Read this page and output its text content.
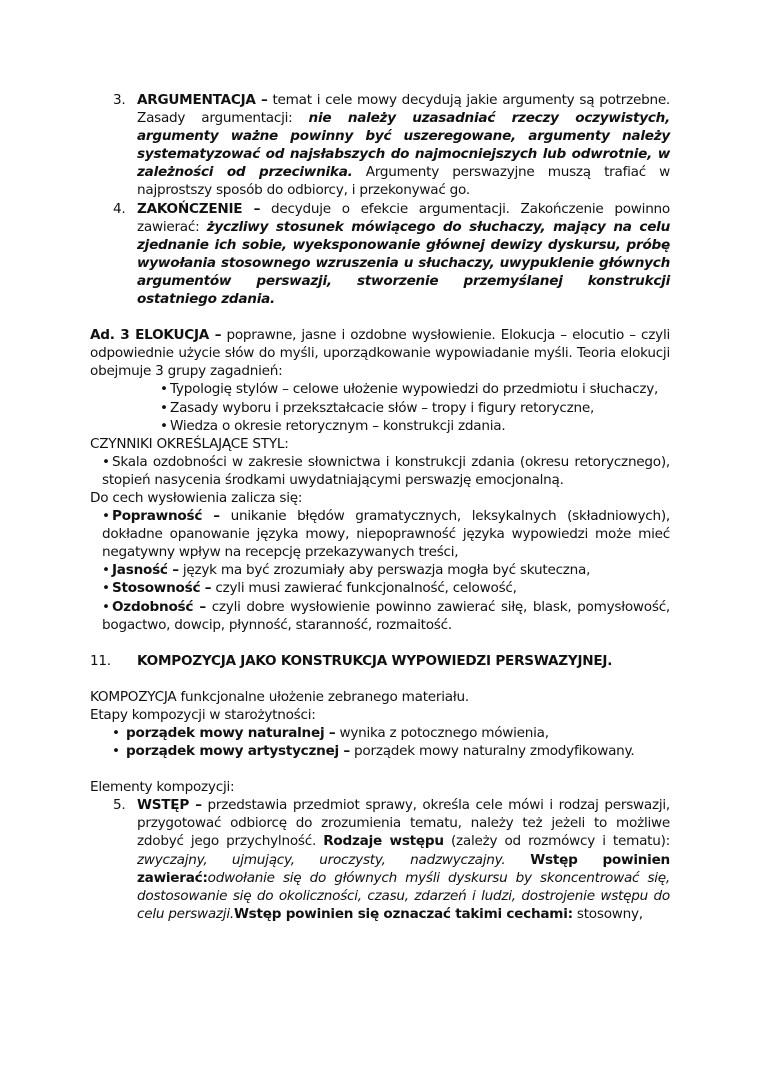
3. ARGUMENTACJA – temat i cele mowy decydują jakie argumenty są potrzebne. Zasady argumentacji: nie należy uzasadniać rzeczy oczywistych, argumenty ważne powinny być uszeregowane, argumenty należy systematyzować od najsłabszych do najmocniejszych lub odwrotnie, w zależności od przeciwnika. Argumenty perswazyjne muszą trafiać w najprostszy sposób do odbiorcy, i przekonywać go.

4. ZAKOŃCZENIE – decyduje o efekcie argumentacji. Zakończenie powinno zawierać: życzliwy stosunek mówiącego do słuchaczy, mający na celu zjednanie ich sobie, wyeksponowanie głównej dewizy dyskursu, próbę wywołania stosownego wzruszenia u słuchaczy, uwypuklenie głównych argumentów perswazji, stworzenie przemyślanej konstrukcji ostatniego zdania.

Ad. 3 ELOKUCJA – poprawne, jasne i ozdobne wysłowienie. Elokucja – elocutio – czyli odpowiednie użycie słów do myśli, uporządkowanie wypowiadanie myśli. Teoria elokucji obejmuje 3 grupy zagadnień:

• Typologię stylów – celowe ułożenie wypowiedzi do przedmiotu i słuchaczy,

• Zasady wyboru i przekształcacie słów – tropy i figury retoryczne,

• Wiedza o okresie retorycznym – konstrukcji zdania.

CZYNNIKI OKREŚLAJĄCE STYL:

• Skala ozdobności w zakresie słownictwa i konstrukcji zdania (okresu retorycznego), stopień nasycenia środkami uwydatniającymi perswazję emocjonalną.

Do cech wysłowienia zalicza się:

• Poprawność – unikanie błędów gramatycznych, leksykalnych (składniowych), dokładne opanowanie języka mowy, niepoprawność języka wypowiedzi może mieć negatywny wpływ na recepcję przekazywanych treści,

• Jasność – język ma być zrozumiały aby perswazja mogła być skuteczna,

• Stosowność – czyli musi zawierać funkcjonalność, celowość,

• Ozdobność – czyli dobre wysłowienie powinno zawierać siłę, blask, pomysłowość, bogactwo, dowcip, płynność, staranność, rozmaitość.

11.	KOMPOZYCJA JAKO KONSTRUKCJA WYPOWIEDZI PERSWAZYJNEJ.

KOMPOZYCJA funkcjonalne ułożenie zebranego materiału.

Etapy kompozycji w starożytności:

• porządek mowy naturalnej – wynika z potocznego mówienia,

• porządek mowy artystycznej – porządek mowy naturalny zmodyfikowany.

Elementy kompozycji:

5. WSTĘP – przedstawia przedmiot sprawy, określa cele mówi i rodzaj perswazji, przygotować odbiorcę do zrozumienia tematu, należy też jeżeli to możliwe zdobyć jego przychylność. Rodzaje wstępu (zależy od rozmówcy i tematu): zwyczajny, ujmujący, uroczysty, nadzwyczajny. Wstęp powinien zawierać:odwołanie się do głównych myśli dyskursu by skoncentrować się, dostosowanie się do okoliczności, czasu, zdarzeń i ludzi, dostrojenie wstępu do celu perswazji.Wstęp powinien się oznaczać takimi cechami: stosowny,
